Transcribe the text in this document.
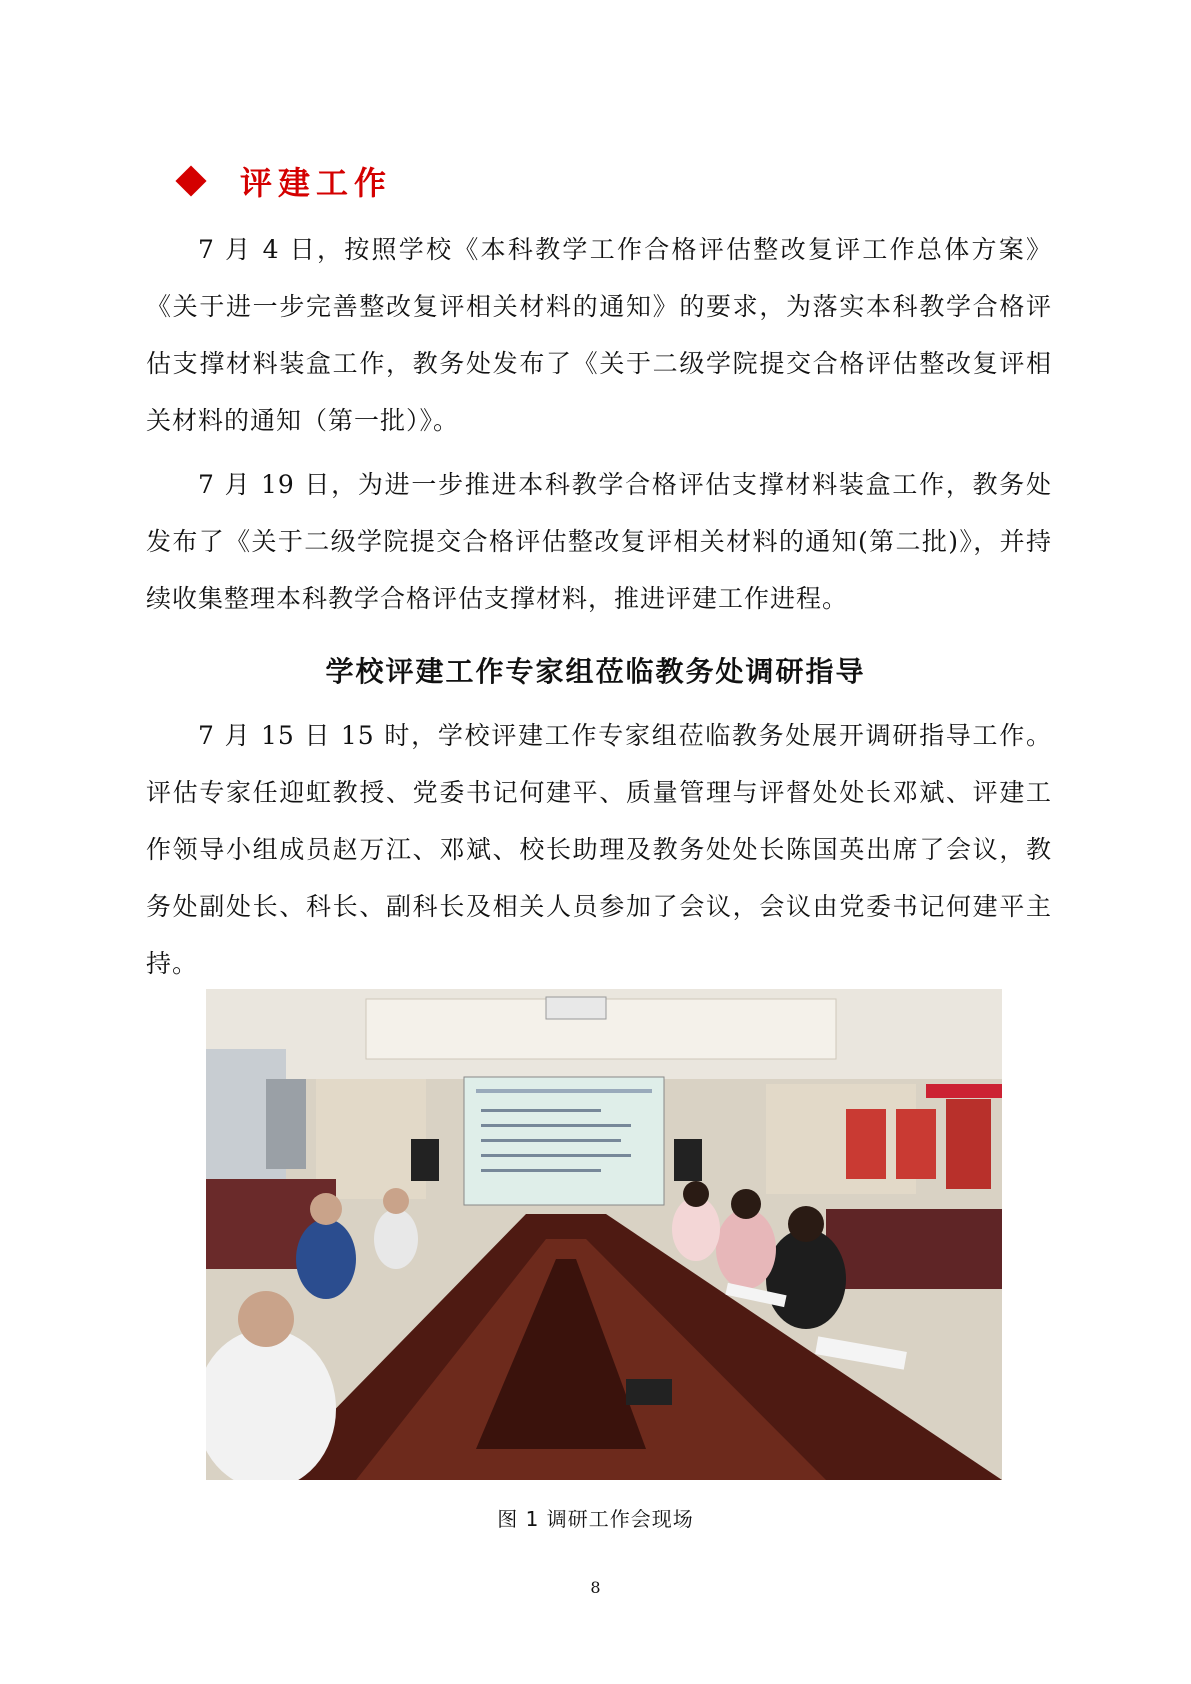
评建工作

7 月 4 日，按照学校《本科教学工作合格评估整改复评工作总体方案》《关于进一步完善整改复评相关材料的通知》的要求，为落实本科教学合格评估支撑材料装盒工作，教务处发布了《关于二级学院提交合格评估整改复评相关材料的通知（第一批）》。

7 月 19 日，为进一步推进本科教学合格评估支撑材料装盒工作，教务处发布了《关于二级学院提交合格评估整改复评相关材料的通知(第二批)》，并持续收集整理本科教学合格评估支撑材料，推进评建工作进程。

学校评建工作专家组莅临教务处调研指导

7 月 15 日 15 时，学校评建工作专家组莅临教务处展开调研指导工作。评估专家任迎虹教授、党委书记何建平、质量管理与评督处处长邓斌、评建工作领导小组成员赵万江、邓斌、校长助理及教务处处长陈国英出席了会议，教务处副处长、科长、副科长及相关人员参加了会议，会议由党委书记何建平主持。

图 1 调研工作会现场
8
